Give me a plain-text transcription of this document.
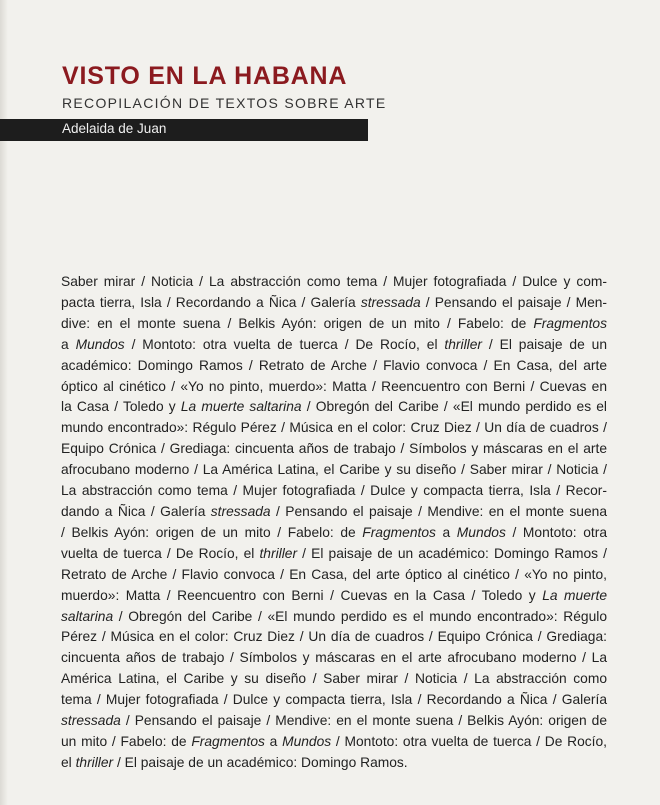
VISTO EN LA HABANA
RECOPILACIÓN DE TEXTOS SOBRE ARTE
Adelaida de Juan
Saber mirar / Noticia / La abstracción como tema / Mujer fotografiada / Dulce y com-
pacta tierra, Isla / Recordando a Ñica / Galería stressada / Pensando el paisaje / Men-
dive: en el monte suena / Belkis Ayón: origen de un mito / Fabelo: de Fragmentos
a Mundos / Montoto: otra vuelta de tuerca / De Rocío, el thriller / El paisaje de un
académico: Domingo Ramos / Retrato de Arche / Flavio convoca / En Casa, del arte
óptico al cinético / «Yo no pinto, muerdo»: Matta / Reencuentro con Berni / Cuevas en
la Casa / Toledo y La muerte saltarina / Obregón del Caribe / «El mundo perdido es el
mundo encontrado»: Régulo Pérez / Música en el color: Cruz Diez / Un día de cuadros /
Equipo Crónica / Grediaga: cincuenta años de trabajo / Símbolos y máscaras en el arte
afrocubano moderno / La América Latina, el Caribe y su diseño / Saber mirar / Noticia /
La abstracción como tema / Mujer fotografiada / Dulce y compacta tierra, Isla / Recor-
dando a Ñica / Galería stressada / Pensando el paisaje / Mendive: en el monte suena
/ Belkis Ayón: origen de un mito / Fabelo: de Fragmentos a Mundos / Montoto: otra
vuelta de tuerca / De Rocío, el thriller / El paisaje de un académico: Domingo Ramos /
Retrato de Arche / Flavio convoca / En Casa, del arte óptico al cinético / «Yo no pinto,
muerdo»: Matta / Reencuentro con Berni / Cuevas en la Casa / Toledo y La muerte
saltarina / Obregón del Caribe / «El mundo perdido es el mundo encontrado»: Régulo
Pérez / Música en el color: Cruz Diez / Un día de cuadros / Equipo Crónica / Grediaga:
cincuenta años de trabajo / Símbolos y máscaras en el arte afrocubano moderno / La
América Latina, el Caribe y su diseño / Saber mirar / Noticia / La abstracción como
tema / Mujer fotografiada / Dulce y compacta tierra, Isla / Recordando a Ñica / Galería
stressada / Pensando el paisaje / Mendive: en el monte suena / Belkis Ayón: origen de
un mito / Fabelo: de Fragmentos a Mundos / Montoto: otra vuelta de tuerca / De Rocío,
el thriller / El paisaje de un académico: Domingo Ramos.
